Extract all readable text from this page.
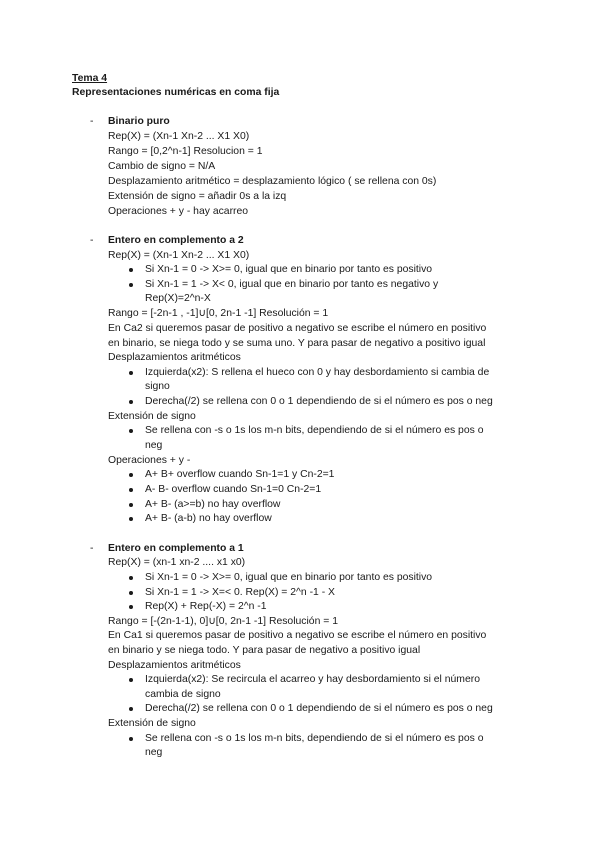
Tema 4
Representaciones numéricas en coma fija
- Binario puro
Rep(X) = (Xn-1 Xn-2 ... X1 X0)
Rango = [0,2^n-1] Resolucion = 1
Cambio de signo = N/A
Desplazamiento aritmético = desplazamiento lógico ( se rellena con 0s)
Extensión de signo = añadir 0s a la izq
Operaciones + y - hay acarreo
- Entero en complemento a 2
Rep(X) = (Xn-1 Xn-2 ... X1 X0)
Si Xn-1 = 0 -> X>= 0, igual que en binario por tanto es positivo
Si Xn-1 = 1 -> X< 0, igual que en binario por tanto es negativo y
Rep(X)=2^n-X
Rango = [-2n-1 , -1]∪[0, 2n-1 -1] Resolución = 1
En Ca2 si queremos pasar de positivo a negativo se escribe el número en positivo
en binario, se niega todo y se suma uno. Y para pasar de negativo a positivo igual
Desplazamientos aritméticos
Izquierda(x2): S rellena el hueco con 0 y hay desbordamiento si cambia de
signo
Derecha(/2) se rellena con 0 o 1 dependiendo de si el número es pos o neg
Extensión de signo
Se rellena con -s o 1s los m-n bits, dependiendo de si el número es pos o
neg
Operaciones + y -
A+ B+ overflow cuando Sn-1=1 y Cn-2=1
A- B- overflow cuando Sn-1=0 Cn-2=1
A+ B- (a>=b) no hay overflow
A+ B- (a-b) no hay overflow
- Entero en complemento a 1
Rep(X) = (xn-1 xn-2 .... x1 x0)
Si Xn-1 = 0 -> X>= 0, igual que en binario por tanto es positivo
Si Xn-1 = 1 -> X=< 0. Rep(X) = 2^n -1 - X
Rep(X) + Rep(-X) = 2^n -1
Rango = [-(2n-1-1), 0]∪[0, 2n-1 -1] Resolución = 1
En Ca1 si queremos pasar de positivo a negativo se escribe el número en positivo
en binario y se niega todo. Y para pasar de negativo a positivo igual
Desplazamientos aritméticos
Izquierda(x2): Se recircula el acarreo y hay desbordamiento si el número
cambia de signo
Derecha(/2) se rellena con 0 o 1 dependiendo de si el número es pos o neg
Extensión de signo
Se rellena con -s o 1s los m-n bits, dependiendo de si el número es pos o
neg
